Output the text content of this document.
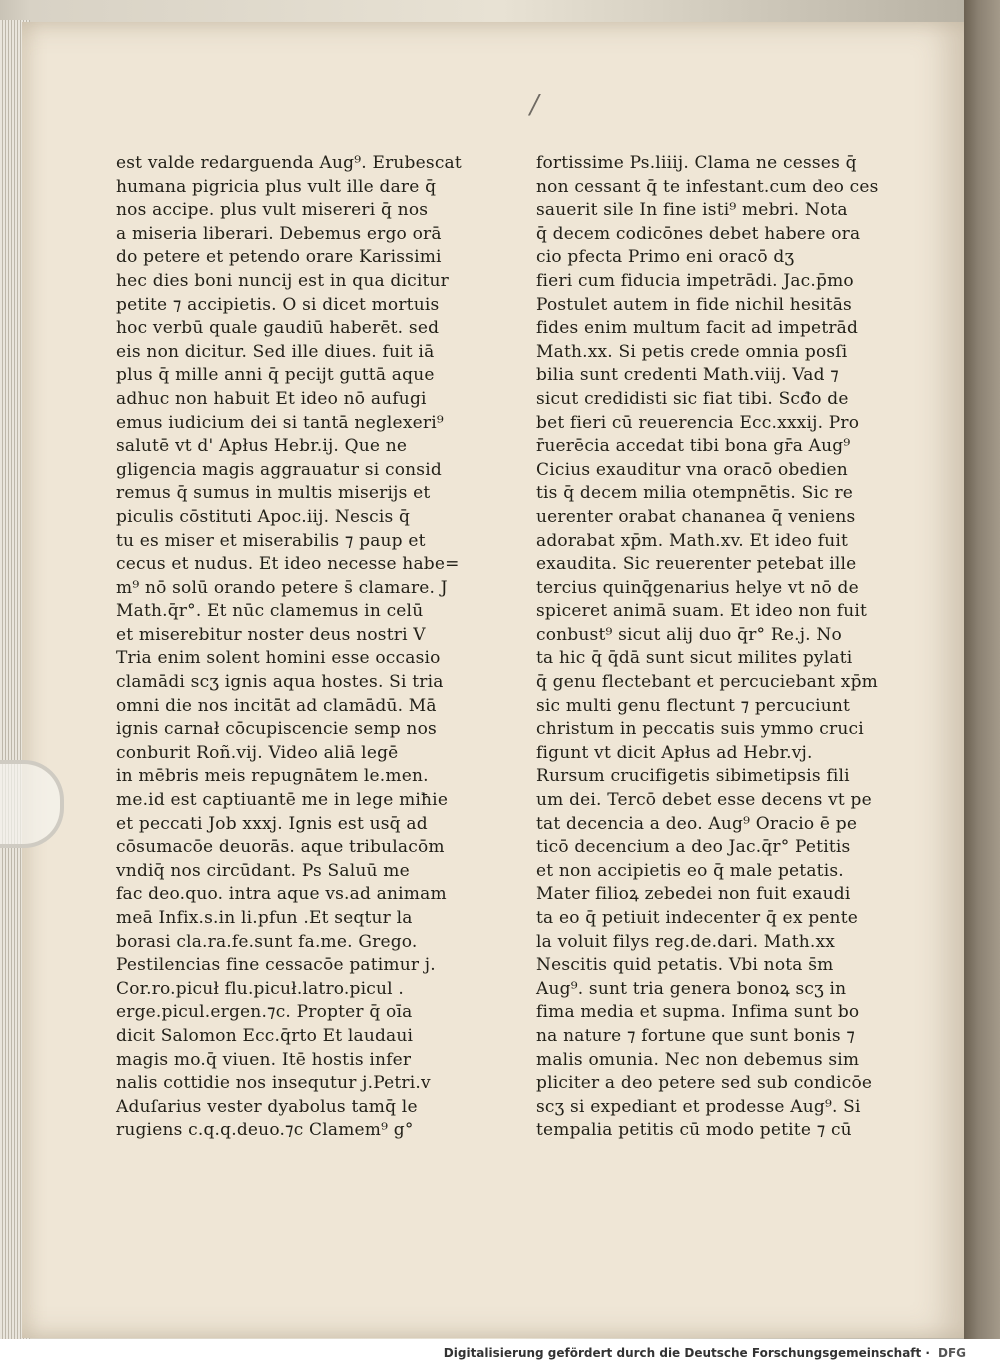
/
est valde redarguenda Aug⁹. Erubescat
humana pigricia plus vult ille dare q̄
nos accipe. plus vult misereri q̄ nos
a miseria liberari. Debemus ergo orā
do petere et petendo orare Karissimi
hec dies boni nuncij est in qua dicitur
petite ⁊ accipietis. O si dicet mortuis
hoc verbū quale gaudiū haberēt. sed
eis non dicitur. Sed ille diues. fuit iā
plus q̄ mille anni q̄ pecijt guttā aque
adhuc non habuit Et ideo nō aufugi
emus iudicium dei si tantā neglexeri⁹
salutē vt d' Apłus Hebr.ij. Que ne
gligencia magis aggrauatur si consid
remus q̄ sumus in multis miserijs et
piculis cōstituti Apoc.iij. Nescis q̄
tu es miser et miserabilis ⁊ paup et
cecus et nudus. Et ideo necesse habe=
m⁹ nō solū orando petere s̄ clamare. J
Math.q̄r°. Et nūc clamemus in celū
et miserebitur noster deus nostri V
Tria enim solent homini esse occasio
clamādi scʒ ignis aqua hostes. Si tria
omni die nos incitāt ad clamādū. Mā
ignis carnał cōcupiscencie semp nos
conburit Roñ.vij. Video aliā legē
in mēbris meis repugnātem le.men.
me.id est captiuantē me in lege miħie
et peccati Job xxxj. Ignis est usq̄ ad
cōsumacōe deuorās. aque tribulacōm
vndiq̄ nos circūdant. Ps Saluū me
fac deo.quo. intra aque vs.ad animam
meā Infix.s.in li.pfun .Et seqtur la
borasi cla.ra.fe.sunt fa.me. Grego.
Pestilencias fine cessacōe patimur j.
Cor.ro.picuł flu.picuł.latro.picul .
erge.picul.ergen.⁊c. Propter q̄ oīa
dicit Salomon Ecc.q̄rto Et laudaui
magis mo.q̄ viuen. Itē hostis infer
nalis cottidie nos insequtur j.Petri.v
Aduſarius vester dyabolus tamq̄ le
rugiens c.q.q.deuo.⁊c Clamem⁹ g°
fortissime Ps.liiij. Clama ne cesses q̄
non cessant q̄ te infestant.cum deo ces
sauerit sile In fine isti⁹ mebri. Nota
q̄ decem codicōnes debet habere ora
cio pfecta Primo eni oracō dʒ
fieri cum fiducia impetrādi. Jac.p̄mo
Postulet autem in fide nichil hesitās
fides enim multum facit ad impetrād
Math.xx. Si petis crede omnia posſi
bilia sunt credenti Math.viij. Vad ⁊
sicut credidisti sic fiat tibi. Scđo de
bet fieri cū reuerencia Ecc.xxxij. Pro
r̄uerēcia accedat tibi bona gr̄a Aug⁹
Cicius exauditur vna oracō obedien
tis q̄ decem milia otempnētis. Sic re
uerenter orabat chananea q̄ veniens
adorabat xp̄m. Math.xv. Et ideo fuit
exaudita. Sic reuerenter petebat ille
tercius quinq̄genarius helye vt nō de
spiceret animā suam. Et ideo non fuit
conbust⁹ sicut alij duo q̄r° Re.j. No
ta hic q̄ q̄dā sunt sicut milites pylati
q̄ genu flectebant et percuciebant xp̄m
sic multi genu flectunt ⁊ percuciunt
christum in peccatis suis ymmo cruci
figunt vt dicit Apłus ad Hebr.vj.
Rursum crucifigetis sibimetipsis fili
um dei. Tercō debet esse decens vt pe
tat decencia a deo. Aug⁹ Oracio ē pe
ticō decencium a deo Jac.q̄r° Petitis
et non accipietis eo q̄ male petatis.
Mater filioꝝ zebedei non fuit exaudi
ta eo q̄ petiuit indecenter q̄ ex pente
la voluit filys reg.de.dari. Math.xx
Nescitis quid petatis. Vbi nota s̄m
Aug⁹. sunt tria genera bonoꝝ scʒ in
fima media et supma. Infima sunt bo
na nature ⁊ fortune que sunt bonis ⁊
malis omunia. Nec non debemus sim
pliciter a deo petere sed sub condicōe
scʒ si expediant et prodesse Aug⁹. Si
tempalia petitis cū modo petite ⁊ cū
Digitalisierung gefördert durch die Deutsche Forschungsgemeinschaft · DFG
